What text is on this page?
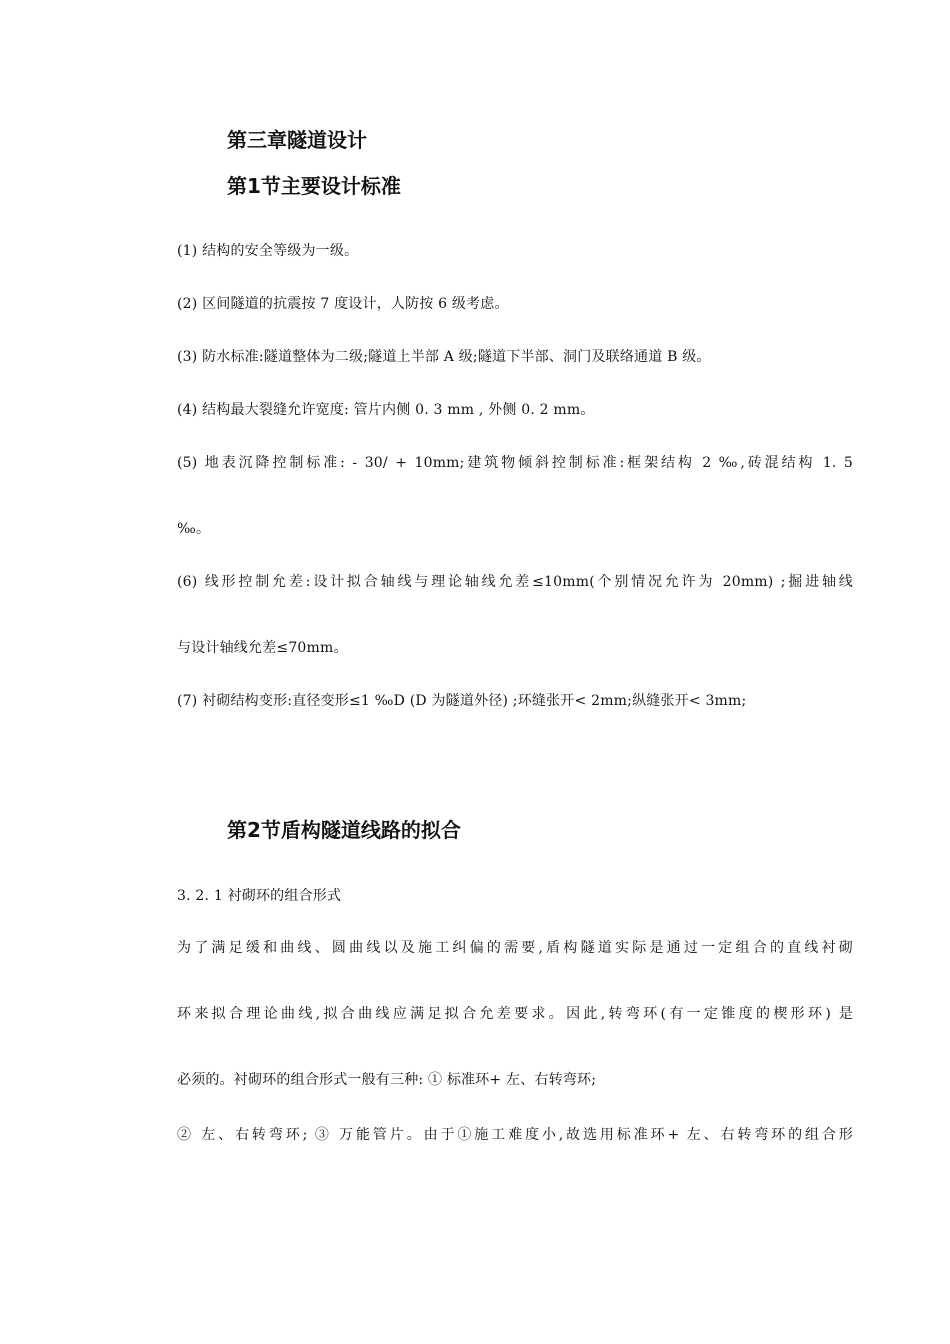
第三章隧道设计
第1节主要设计标准

(1) 结构的安全等级为一级。

(2) 区间隧道的抗震按 7 度设计，人防按 6 级考虑。

(3) 防水标准:隧道整体为二级;隧道上半部 A 级;隧道下半部、洞门及联络通道 B 级。

(4) 结构最大裂缝允许宽度: 管片内侧 0. 3 mm , 外侧 0. 2 mm。

(5) 地表沉降控制标准: - 30/ + 10mm;建筑物倾斜控制标准:框架结构 2 ‰,砖混结构 1. 5

‰。

(6) 线形控制允差:设计拟合轴线与理论轴线允差≤10mm(个别情况允许为 20mm) ;掘进轴线

与设计轴线允差≤70mm。

(7) 衬砌结构变形:直径变形≤1 ‰D (D 为隧道外径) ;环缝张开< 2mm;纵缝张开< 3mm;

第2节盾构隧道线路的拟合

3. 2. 1 衬砌环的组合形式

为了满足缓和曲线、圆曲线以及施工纠偏的需要,盾构隧道实际是通过一定组合的直线衬砌

环来拟合理论曲线,拟合曲线应满足拟合允差要求。因此,转弯环(有一定锥度的楔形环) 是

必须的。衬砌环的组合形式一般有三种: ① 标准环+ 左、右转弯环;

② 左、右转弯环; ③ 万能管片。由于①施工难度小,故选用标准环+ 左、右转弯环的组合形
